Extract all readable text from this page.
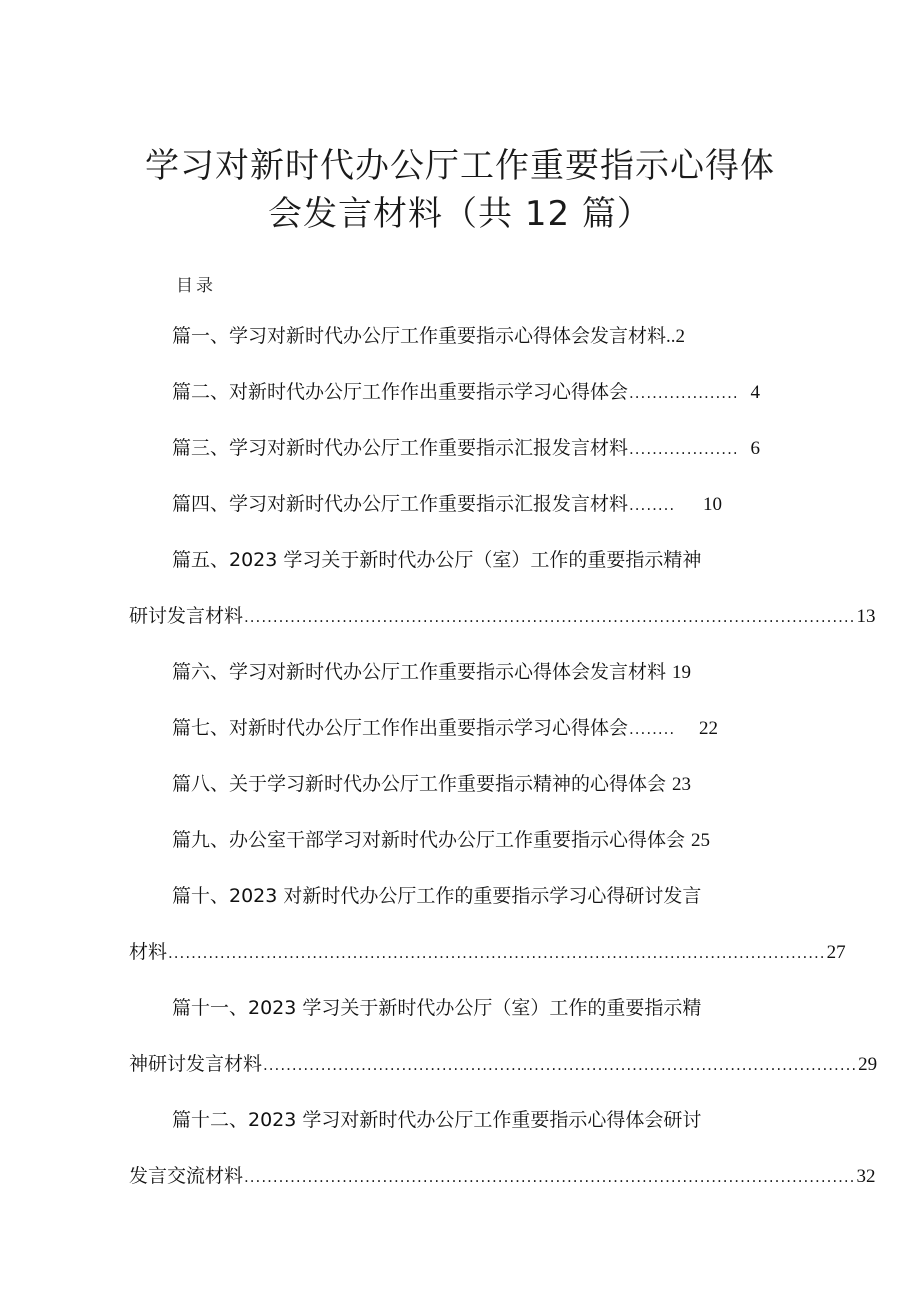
学习对新时代办公厅工作重要指示心得体
会发言材料（共 12 篇）
目录
篇一、学习对新时代办公厅工作重要指示心得体会发言材料 .. 2
篇二、对新时代办公厅工作作出重要指示学习心得体会 ................... 4
篇三、学习对新时代办公厅工作重要指示汇报发言材料 ................... 6
篇四、学习对新时代办公厅工作重要指示汇报发言材料 ........	10
篇五、2023 学习关于新时代办公厅（室）工作的重要指示精神
研讨发言材料 .......................................................................................................... 13
篇六、学习对新时代办公厅工作重要指示心得体会发言材料 19
篇七、对新时代办公厅工作作出重要指示学习心得体会 ........	22
篇八、关于学习新时代办公厅工作重要指示精神的心得体会 23
篇九、办公室干部学习对新时代办公厅工作重要指示心得体会 25
篇十、2023 对新时代办公厅工作的重要指示学习心得研讨发言
材料 .................................................................................................................. 27
篇十一、2023 学习关于新时代办公厅（室）工作的重要指示精
神研讨发言材料 ....................................................................................................... 29
篇十二、2023 学习对新时代办公厅工作重要指示心得体会研讨
发言交流材料 .......................................................................................................... 32
